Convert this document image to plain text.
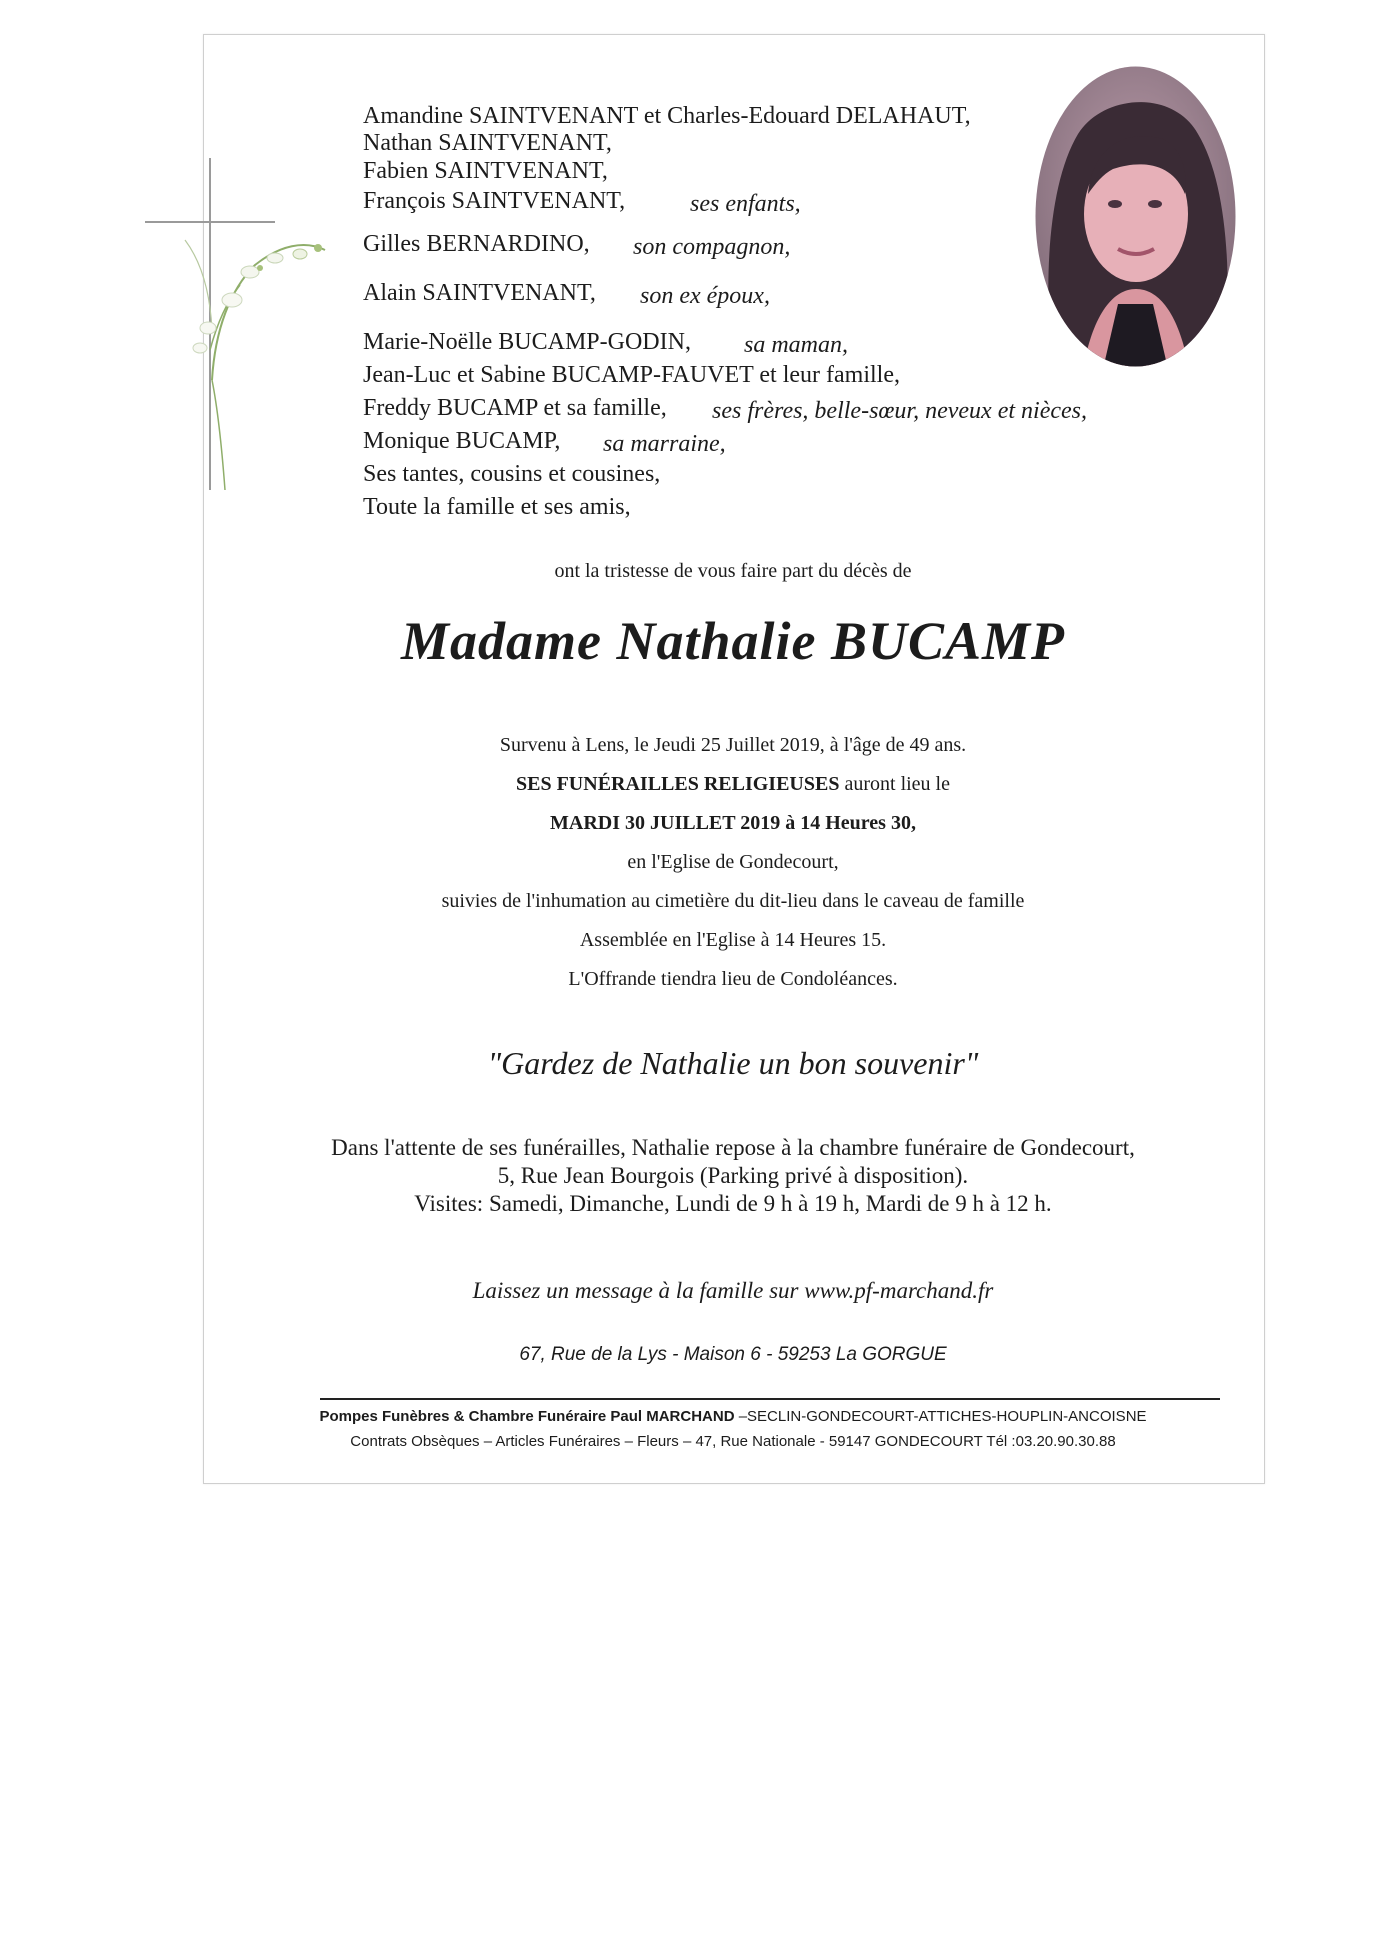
Amandine SAINTVENANT et Charles-Edouard DELAHAUT,
Nathan SAINTVENANT,
Fabien SAINTVENANT,
François SAINTVENANT,	ses enfants,
Gilles BERNARDINO, son compagnon,
Alain SAINTVENANT, son ex époux,
Marie-Noëlle BUCAMP-GODIN, sa maman,
Jean-Luc et Sabine BUCAMP-FAUVET et leur famille,
Freddy BUCAMP et sa famille, ses frères, belle-sœur, neveux et nièces,
Monique BUCAMP, sa marraine,
Ses tantes, cousins et cousines,
Toute la famille et ses amis,
ont la tristesse de vous faire part du décès de
Madame Nathalie BUCAMP
Survenu à Lens, le Jeudi 25 Juillet 2019, à l'âge de 49 ans.
SES FUNÉRAILLES RELIGIEUSES auront lieu le
MARDI 30 JUILLET 2019 à 14 Heures 30,
en l'Eglise de Gondecourt,
suivies de l'inhumation au cimetière du dit-lieu dans le caveau de famille
Assemblée en l'Eglise à 14 Heures 15.
L'Offrande tiendra lieu de Condoléances.
"Gardez de Nathalie un bon souvenir"
Dans l'attente de ses funérailles, Nathalie repose à la chambre funéraire de Gondecourt,
5, Rue Jean Bourgois (Parking privé à disposition).
Visites: Samedi, Dimanche, Lundi de 9 h à 19 h, Mardi de 9 h à 12 h.
Laissez un message à la famille sur www.pf-marchand.fr
67, Rue de la Lys - Maison 6 - 59253 La GORGUE
Pompes Funèbres & Chambre Funéraire Paul MARCHAND –SECLIN-GONDECOURT-ATTICHES-HOUPLIN-ANCOISNE
Contrats Obsèques – Articles Funéraires – Fleurs – 47, Rue Nationale - 59147 GONDECOURT Tél :03.20.90.30.88
